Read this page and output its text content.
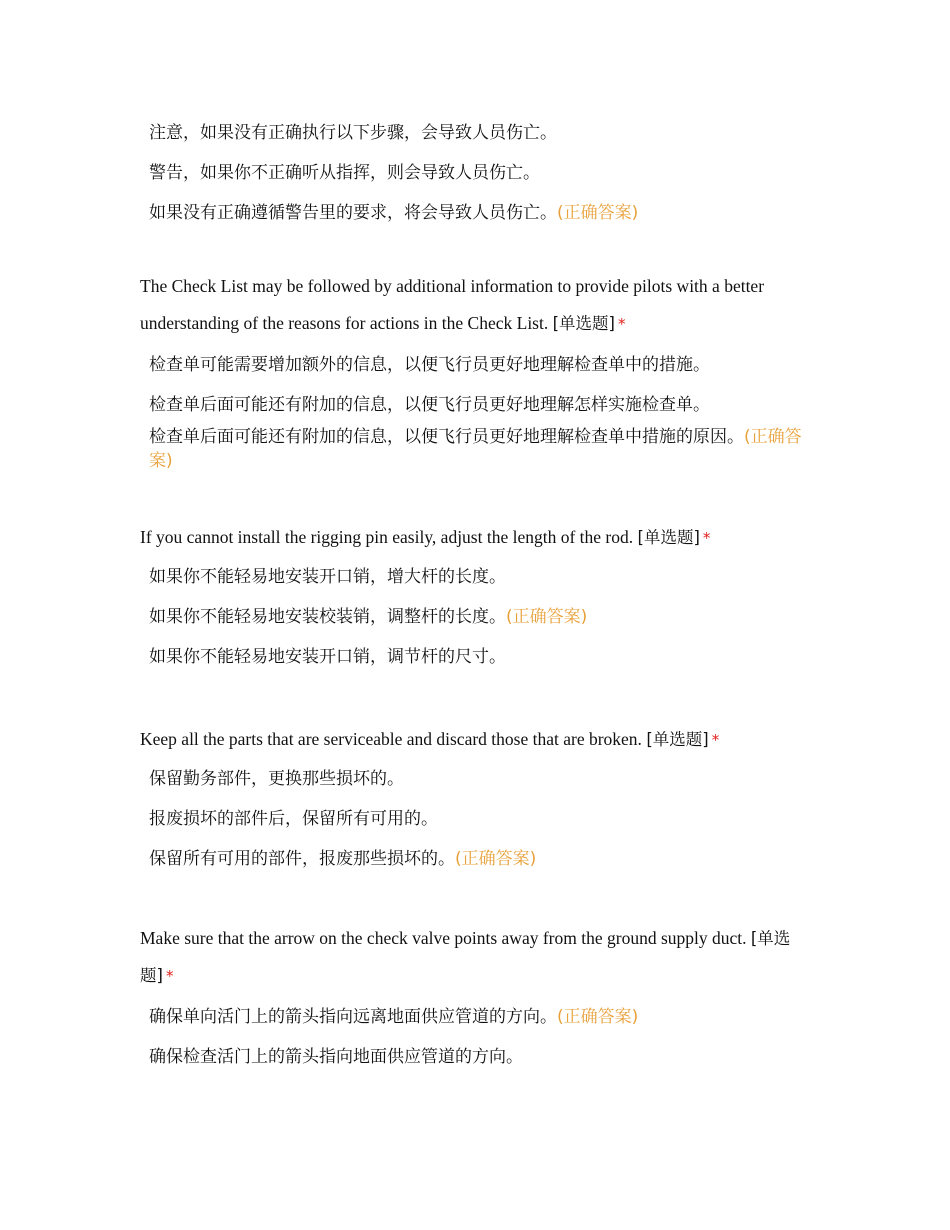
注意，如果没有正确执行以下步骤，会导致人员伤亡。
警告，如果你不正确听从指挥，则会导致人员伤亡。
如果没有正确遵循警告里的要求，将会导致人员伤亡。(正确答案)
The Check List may be followed by additional information to provide pilots with a better understanding of the reasons for actions in the Check List. [单选题] *
检查单可能需要增加额外的信息，以便飞行员更好地理解检查单中的措施。
检查单后面可能还有附加的信息，以便飞行员更好地理解怎样实施检查单。
检查单后面可能还有附加的信息，以便飞行员更好地理解检查单中措施的原因。(正确答案)
If you cannot install the rigging pin easily, adjust the length of the rod. [单选题] *
如果你不能轻易地安装开口销，增大杆的长度。
如果你不能轻易地安装校装销，调整杆的长度。(正确答案)
如果你不能轻易地安装开口销，调节杆的尺寸。
Keep all the parts that are serviceable and discard those that are broken. [单选题] *
保留勤务部件，更换那些损坏的。
报废损坏的部件后，保留所有可用的。
保留所有可用的部件，报废那些损坏的。(正确答案)
Make sure that the arrow on the check valve points away from the ground supply duct. [单选题] *
确保单向活门上的箭头指向远离地面供应管道的方向。(正确答案)
确保检查活门上的箭头指向地面供应管道的方向。
